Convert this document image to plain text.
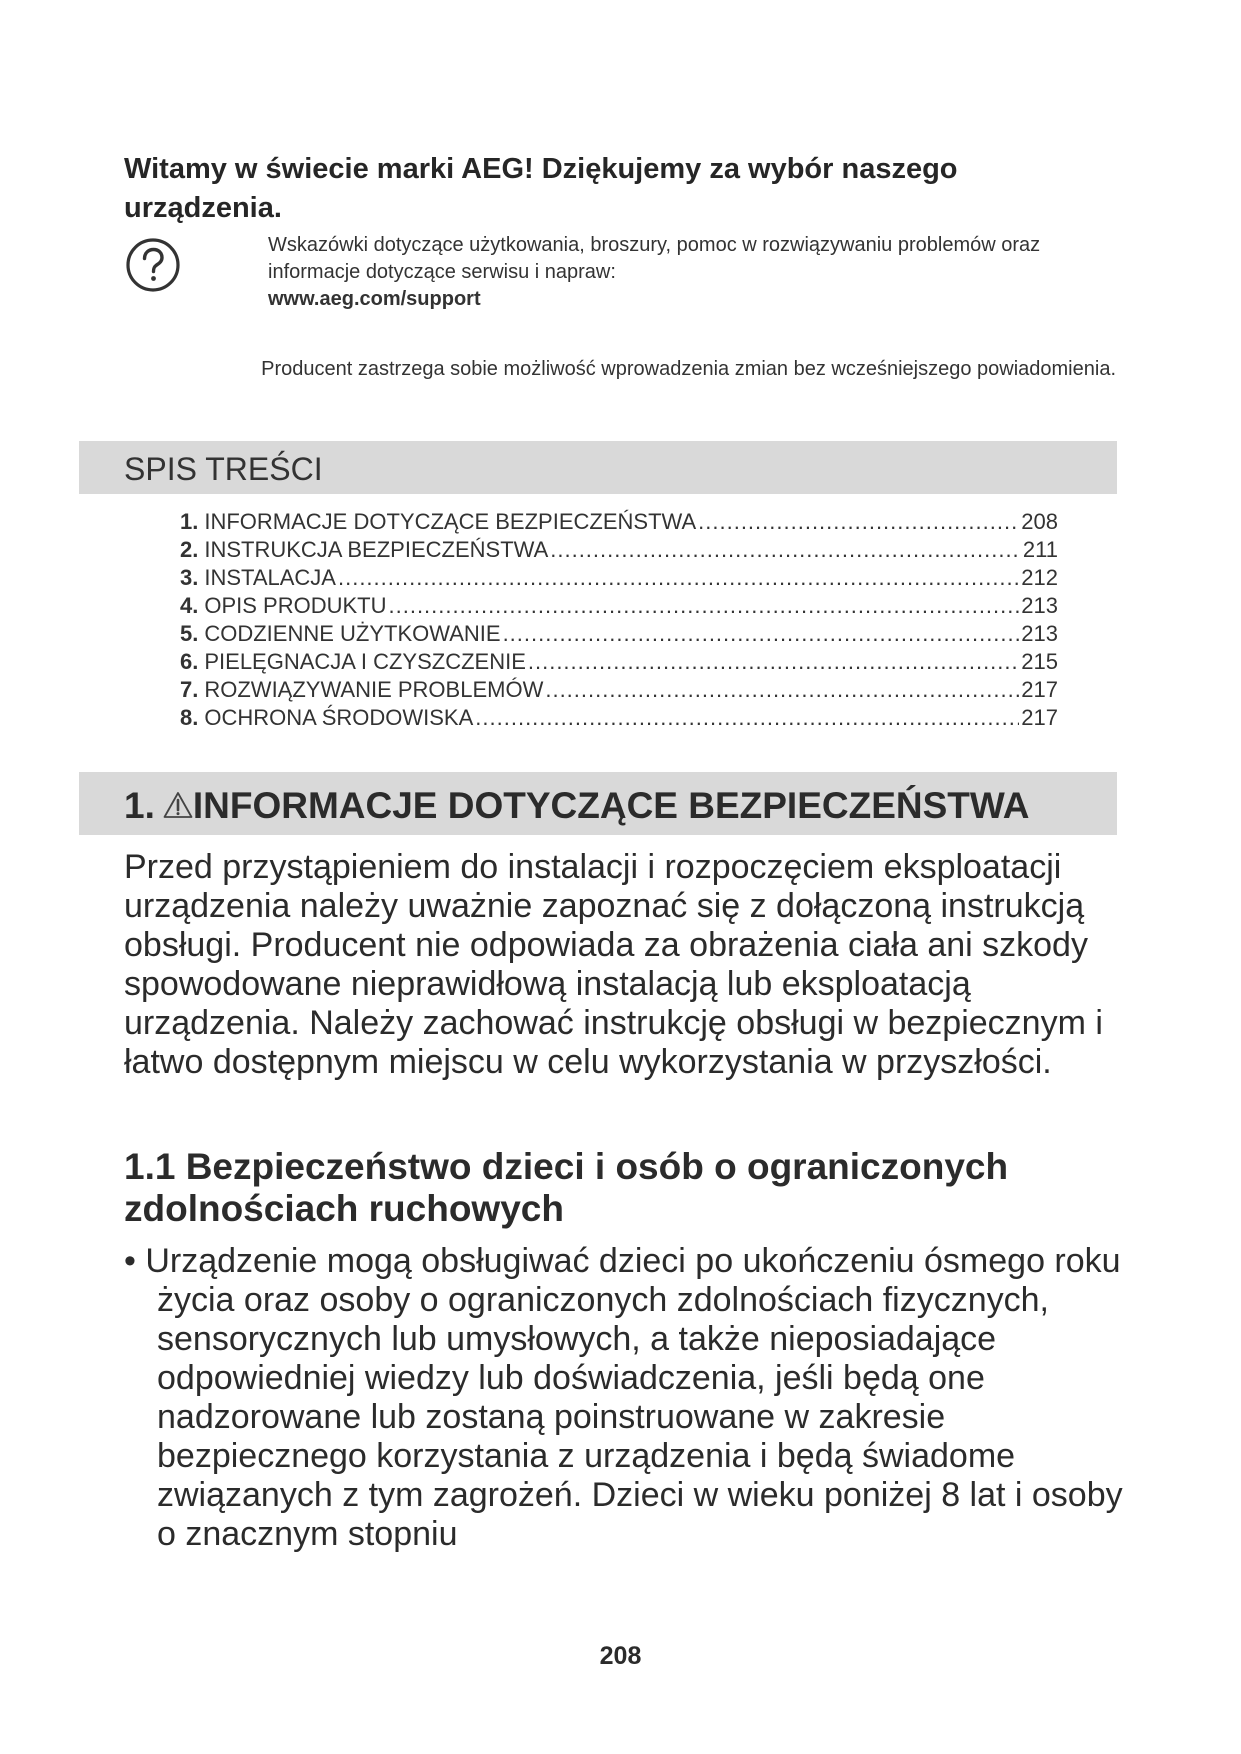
Witamy w świecie marki AEG! Dziękujemy za wybór naszego urządzenia.
Wskazówki dotyczące użytkowania, broszury, pomoc w rozwiązywaniu problemów oraz informacje dotyczące serwisu i napraw:
www.aeg.com/support
Producent zastrzega sobie możliwość wprowadzenia zmian bez wcześniejszego powiadomienia.
SPIS TREŚCI
1. INFORMACJE DOTYCZĄCE BEZPIECZEŃSTWA .....	208
2. INSTRUKCJA BEZPIECZEŃSTWA .....	211
3. INSTALACJA .....	212
4. OPIS PRODUKTU .....	213
5. CODZIENNE UŻYTKOWANIE .....	213
6. PIELĘGNACJA I CZYSZCZENIE .....	215
7. ROZWIĄZYWANIE PROBLEMÓW .....	217
8. OCHRONA ŚRODOWISKA .....	217
1. INFORMACJE DOTYCZĄCE BEZPIECZEŃSTWA

Przed przystąpieniem do instalacji i rozpoczęciem eksploatacji urządzenia należy uważnie zapoznać się z dołączoną instrukcją obsługi. Producent nie odpowiada za obrażenia ciała ani szkody spowodowane nieprawidłową instalacją lub eksploatacją urządzenia. Należy zachować instrukcję obsługi w bezpiecznym i łatwo dostępnym miejscu w celu wykorzystania w przyszłości.

1.1 Bezpieczeństwo dzieci i osób o ograniczonych zdolnościach ruchowych

• Urządzenie mogą obsługiwać dzieci po ukończeniu ósmego roku życia oraz osoby o ograniczonych zdolnościach fizycznych, sensorycznych lub umysłowych, a także nieposiadające odpowiedniej wiedzy lub doświadczenia, jeśli będą one nadzorowane lub zostaną poinstruowane w zakresie bezpiecznego korzystania z urządzenia i będą świadome związanych z tym zagrożeń. Dzieci w wieku poniżej 8 lat i osoby o znacznym stopniu

208
